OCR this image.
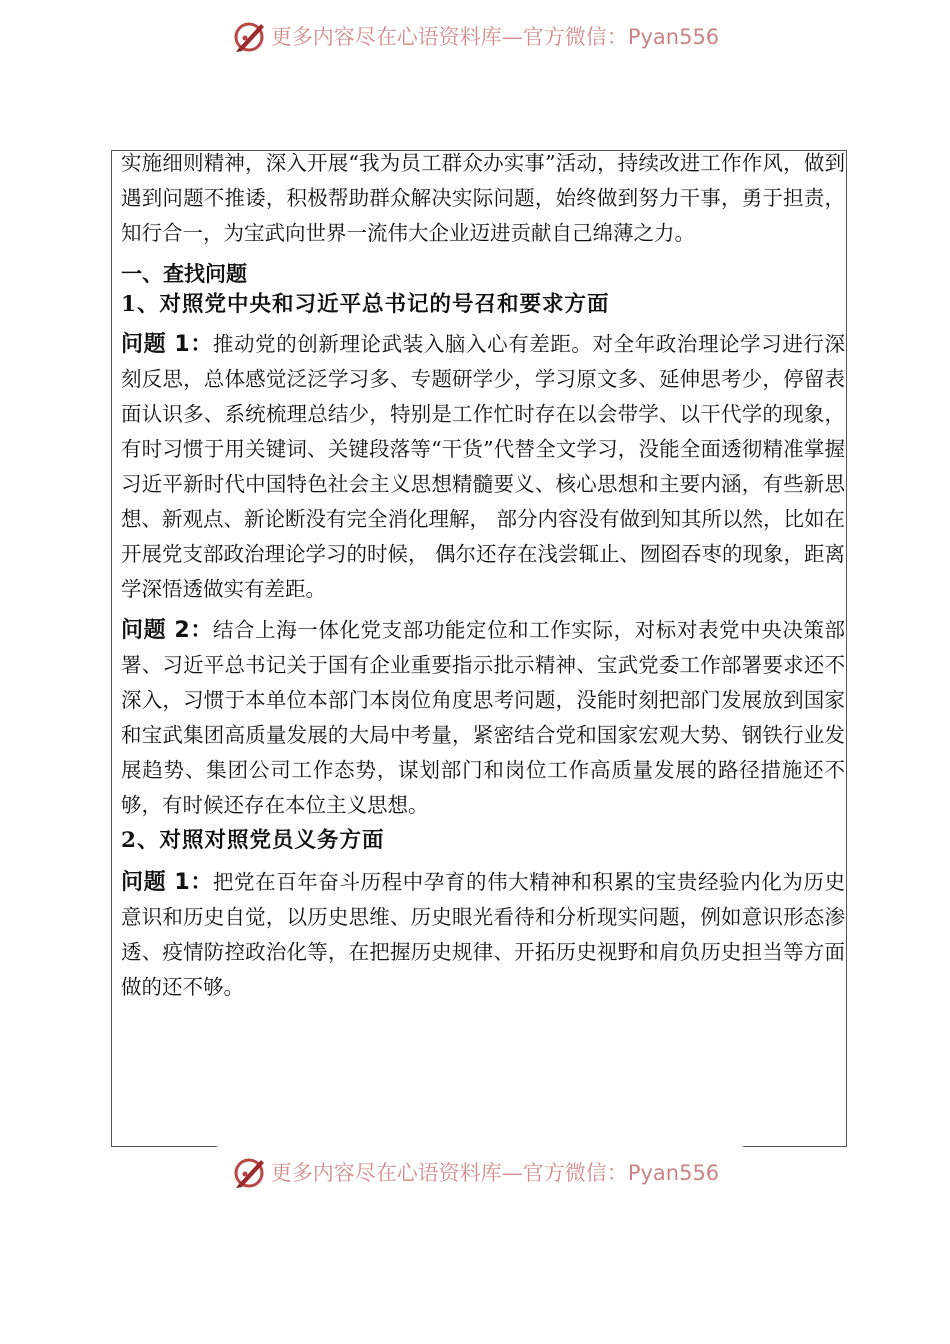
更多内容尽在心语资料库—官方微信：Pyan556

实施细则精神，深入开展“我为员工群众办实事”活动，持续改进工作作风，做到遇到问题不推诿，积极帮助群众解决实际问题，始终做到努力干事，勇于担责，知行合一，为宝武向世界一流伟大企业迈进贡献自己绵薄之力。

一、查找问题
1、对照党中央和习近平总书记的号召和要求方面

问题 1：推动党的创新理论武装入脑入心有差距。对全年政治理论学习进行深刻反思，总体感觉泛泛学习多、专题研学少，学习原文多、延伸思考少，停留表面认识多、系统梳理总结少，特别是工作忙时存在以会带学、以干代学的现象，有时习惯于用关键词、关键段落等“干货”代替全文学习，没能全面透彻精准掌握习近平新时代中国特色社会主义思想精髓要义、核心思想和主要内涵，有些新思想、新观点、新论断没有完全消化理解， 部分内容没有做到知其所以然，比如在开展党支部政治理论学习的时候， 偶尔还存在浅尝辄止、囫囵吞枣的现象，距离学深悟透做实有差距。

问题 2：结合上海一体化党支部功能定位和工作实际，对标对表党中央决策部署、习近平总书记关于国有企业重要指示批示精神、宝武党委工作部署要求还不深入，习惯于本单位本部门本岗位角度思考问题，没能时刻把部门发展放到国家和宝武集团高质量发展的大局中考量，紧密结合党和国家宏观大势、钢铁行业发展趋势、集团公司工作态势，谋划部门和岗位工作高质量发展的路径措施还不够，有时候还存在本位主义思想。

2、对照对照党员义务方面

问题 1：把党在百年奋斗历程中孕育的伟大精神和积累的宝贵经验内化为历史意识和历史自觉，以历史思维、历史眼光看待和分析现实问题，例如意识形态渗透、疫情防控政治化等，在把握历史规律、开拓历史视野和肩负历史担当等方面做的还不够。

更多内容尽在心语资料库—官方微信：Pyan556
